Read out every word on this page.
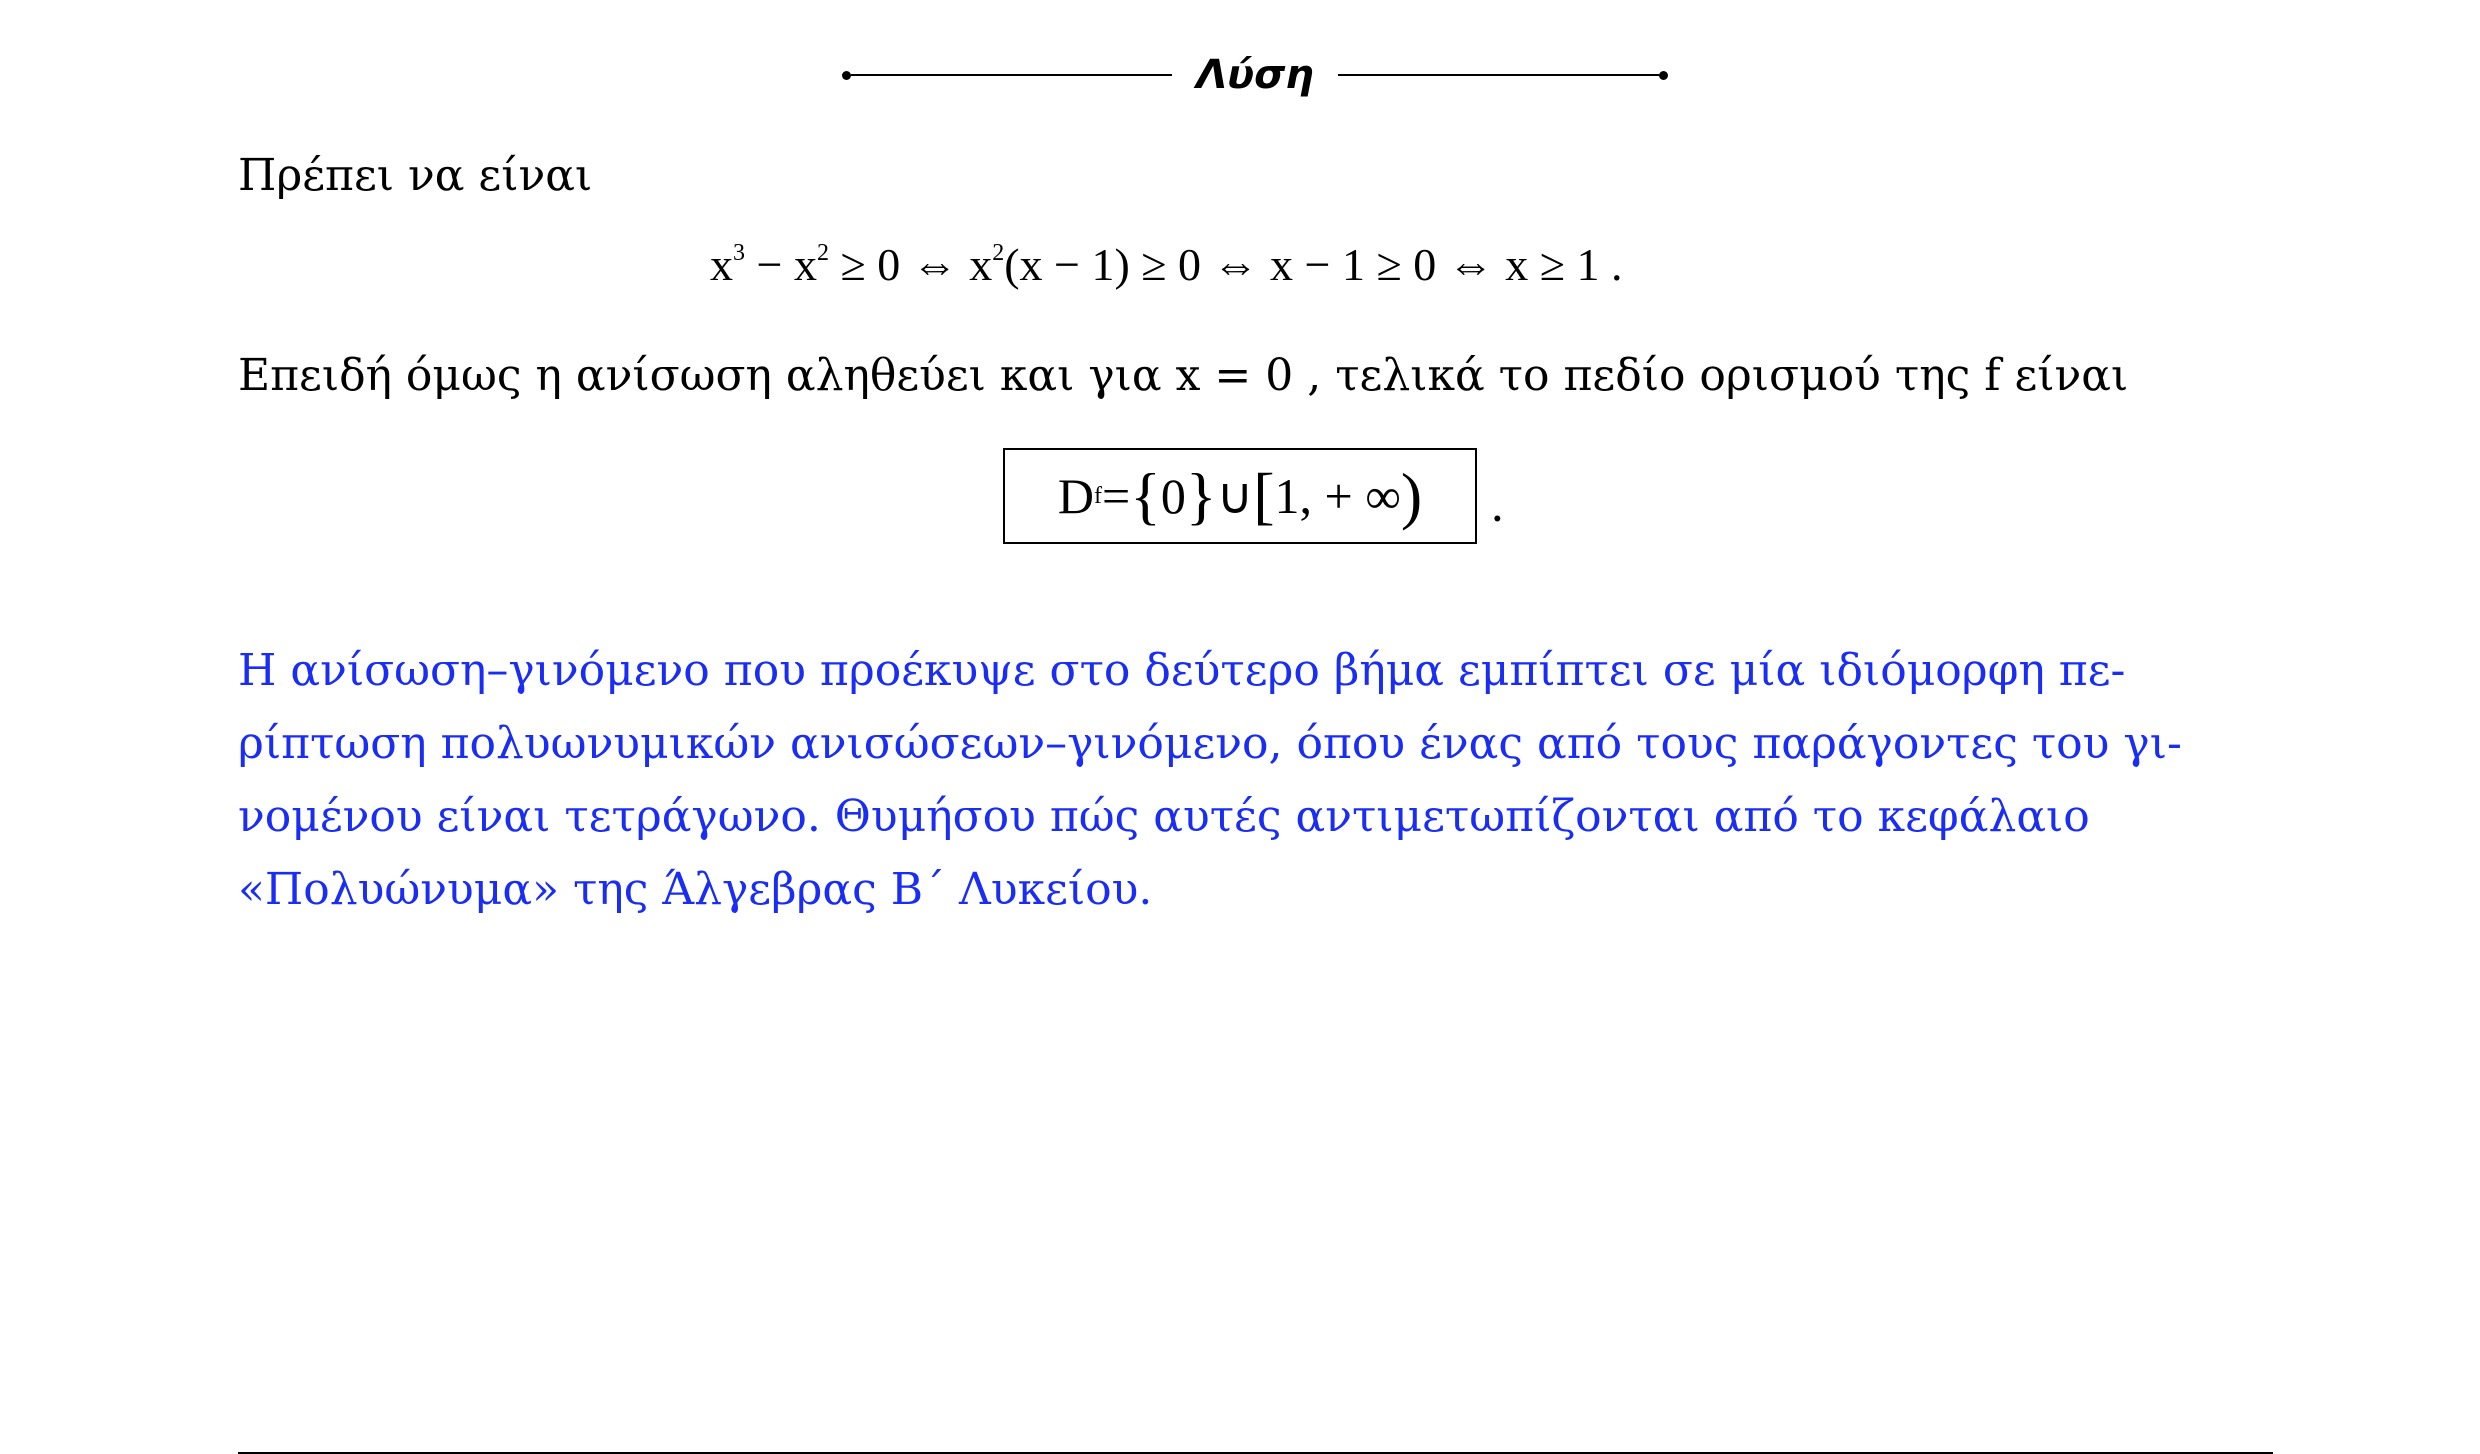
Λύση
Πρέπει να είναι
$x^3 - x^2 \ge 0$ ⇔ $x^2(x - 1) \ge 0$ ⇔ x − 1 ≥ 0 ⇔ x ≥ 1 .
Επειδή όμως η ανίσωση αληθεύει και για x = 0 , τελικά το πεδίο ορισμού της f είναι
D f = { 0 } ∪ [ 1, + ∞ ) .
Η ανίσωση–γινόμενο που προέκυψε στο δεύτερο βήμα εμπίπτει σε μία ιδιόμορφη πε-
ρίπτωση πολυωνυμικών ανισώσεων–γινόμενο, όπου ένας από τους παράγοντες του γι-
νομένου είναι τετράγωνο. Θυμήσου πώς αυτές αντιμετωπίζονται από το κεφάλαιο
«Πολυώνυμα» της Άλγεβρας Β΄ Λυκείου.
